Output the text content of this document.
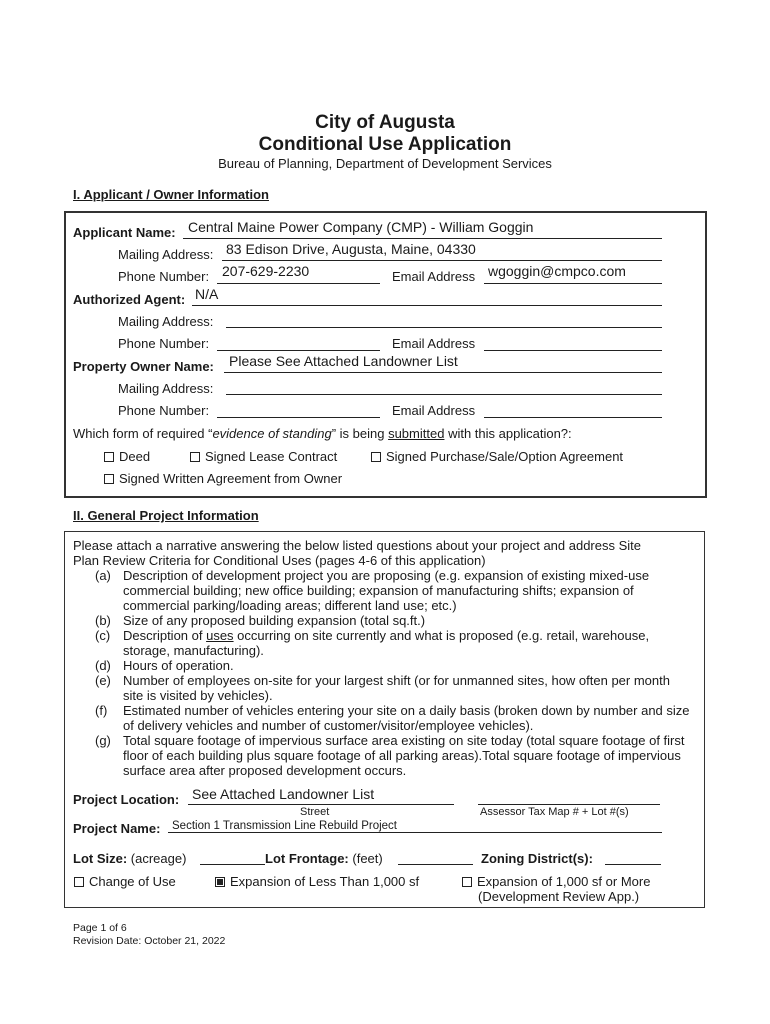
City of Augusta
Conditional Use Application
Bureau of Planning, Department of Development Services
I. Applicant / Owner Information
Applicant Name: Central Maine Power Company (CMP) - William Goggin
Mailing Address: 83 Edison Drive, Augusta, Maine, 04330
Phone Number: 207-629-2230	Email Address wgoggin@cmpco.com
Authorized Agent: N/A
Mailing Address:
Phone Number:	Email Address
Property Owner Name: Please See Attached Landowner List
Mailing Address:
Phone Number:	Email Address
Which form of required “evidence of standing” is being submitted with this application?:
Deed	Signed Lease Contract	Signed Purchase/Sale/Option Agreement
Signed Written Agreement from Owner
II. General Project Information
Please attach a narrative answering the below listed questions about your project and address Site
Plan Review Criteria for Conditional Uses (pages 4-6 of this application)
(a) Description of development project you are proposing (e.g. expansion of existing mixed-use commercial building; new office building; expansion of manufacturing shifts; expansion of commercial parking/loading areas; different land use; etc.)
(b) Size of any proposed building expansion (total sq.ft.)
(c) Description of uses occurring on site currently and what is proposed (e.g. retail, warehouse, storage, manufacturing).
(d) Hours of operation.
(e) Number of employees on-site for your largest shift (or for unmanned sites, how often per month site is visited by vehicles).
(f) Estimated number of vehicles entering your site on a daily basis (broken down by number and size of delivery vehicles and number of customer/visitor/employee vehicles).
(g) Total square footage of impervious surface area existing on site today (total square footage of first floor of each building plus square footage of all parking areas).Total square footage of impervious surface area after proposed development occurs.
Project Location: See Attached Landowner List
Street	Assessor Tax Map # + Lot #(s)
Project Name: Section 1 Transmission Line Rebuild Project
Lot Size: (acreage)	Lot Frontage: (feet)	Zoning District(s):
Change of Use	Expansion of Less Than 1,000 sf	Expansion of 1,000 sf or More
(Development Review App.)
Page 1 of 6
Revision Date: October 21, 2022
